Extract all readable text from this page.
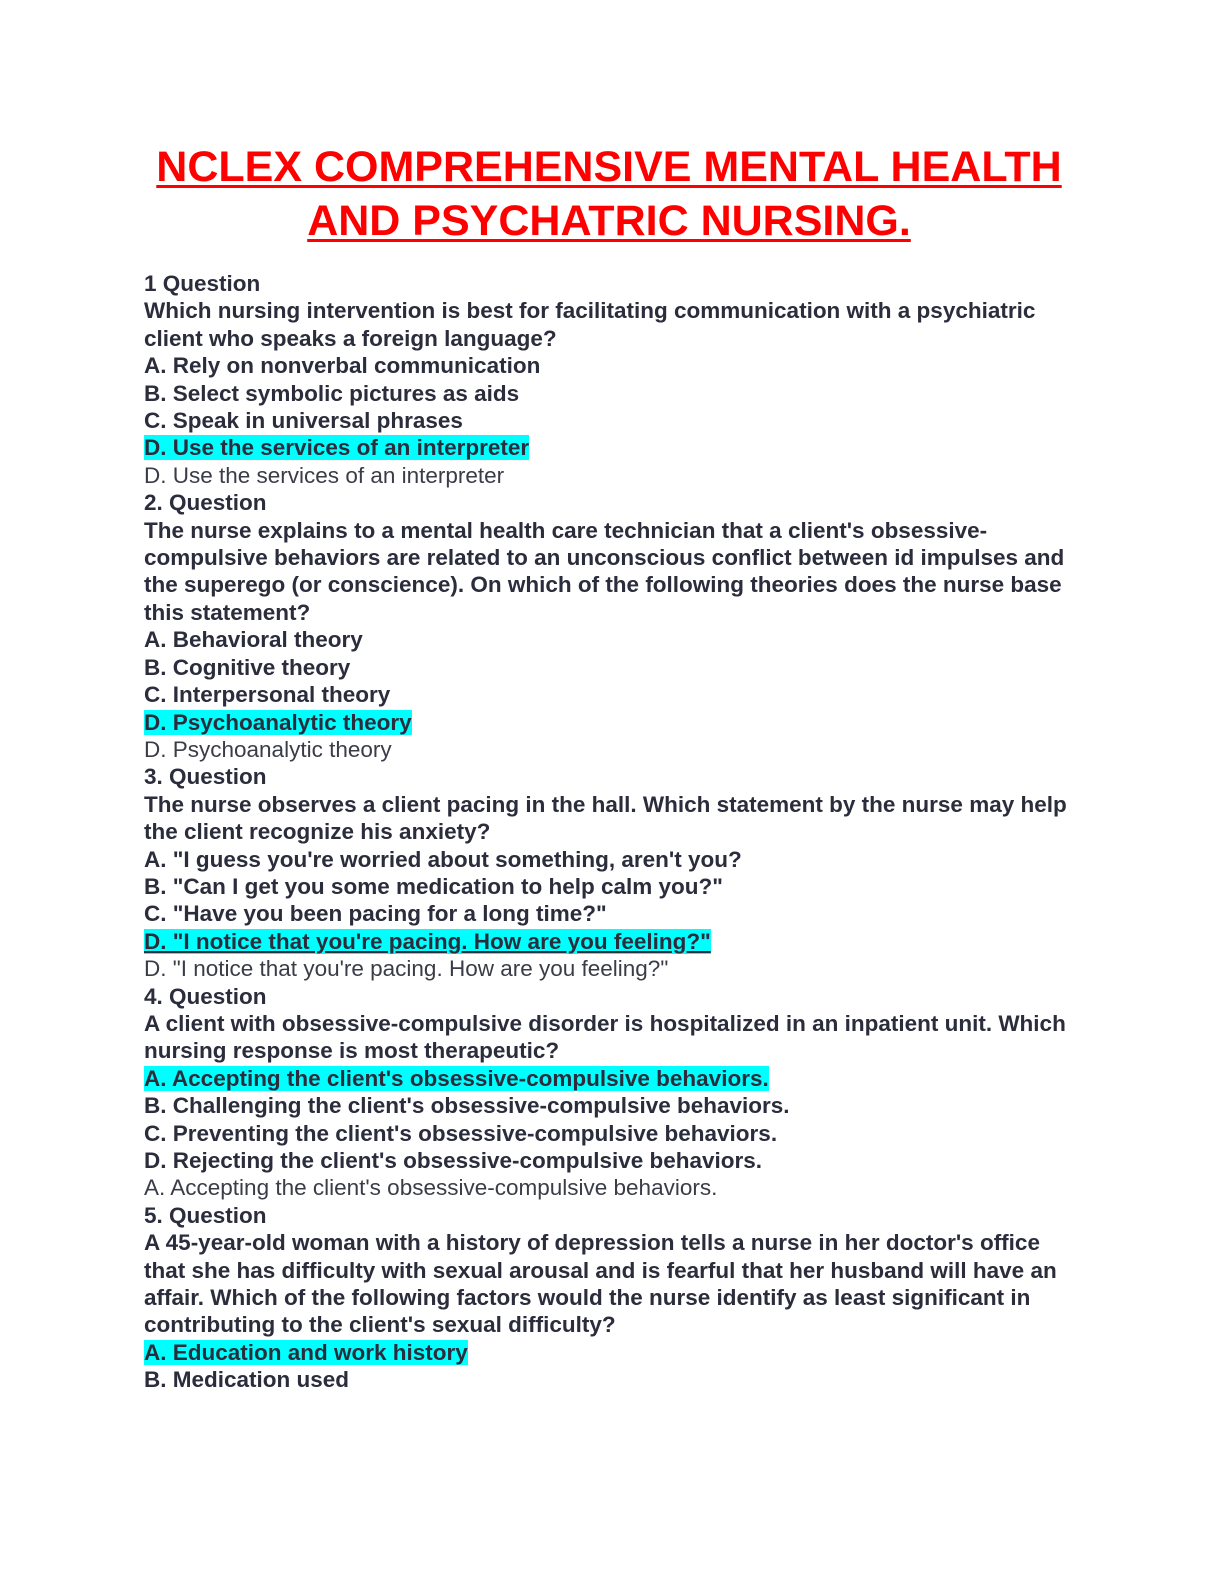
NCLEX COMPREHENSIVE MENTAL HEALTH
AND PSYCHATRIC NURSING.
1 Question
Which nursing intervention is best for facilitating communication with a psychiatric client who speaks a foreign language?
A. Rely on nonverbal communication
B. Select symbolic pictures as aids
C. Speak in universal phrases
D. Use the services of an interpreter
D. Use the services of an interpreter
2. Question
The nurse explains to a mental health care technician that a client's obsessive-compulsive behaviors are related to an unconscious conflict between id impulses and the superego (or conscience). On which of the following theories does the nurse base this statement?
A. Behavioral theory
B. Cognitive theory
C. Interpersonal theory
D. Psychoanalytic theory
D. Psychoanalytic theory
3. Question
The nurse observes a client pacing in the hall. Which statement by the nurse may help the client recognize his anxiety?
A. "I guess you're worried about something, aren't you?
B. "Can I get you some medication to help calm you?"
C. "Have you been pacing for a long time?"
D. "I notice that you're pacing. How are you feeling?"
D. "I notice that you're pacing. How are you feeling?"
4. Question
A client with obsessive-compulsive disorder is hospitalized in an inpatient unit. Which nursing response is most therapeutic?
A. Accepting the client's obsessive-compulsive behaviors.
B. Challenging the client's obsessive-compulsive behaviors.
C. Preventing the client's obsessive-compulsive behaviors.
D. Rejecting the client's obsessive-compulsive behaviors.
A. Accepting the client's obsessive-compulsive behaviors.
5. Question
A 45-year-old woman with a history of depression tells a nurse in her doctor's office that she has difficulty with sexual arousal and is fearful that her husband will have an affair. Which of the following factors would the nurse identify as least significant in contributing to the client's sexual difficulty?
A. Education and work history
B. Medication used
